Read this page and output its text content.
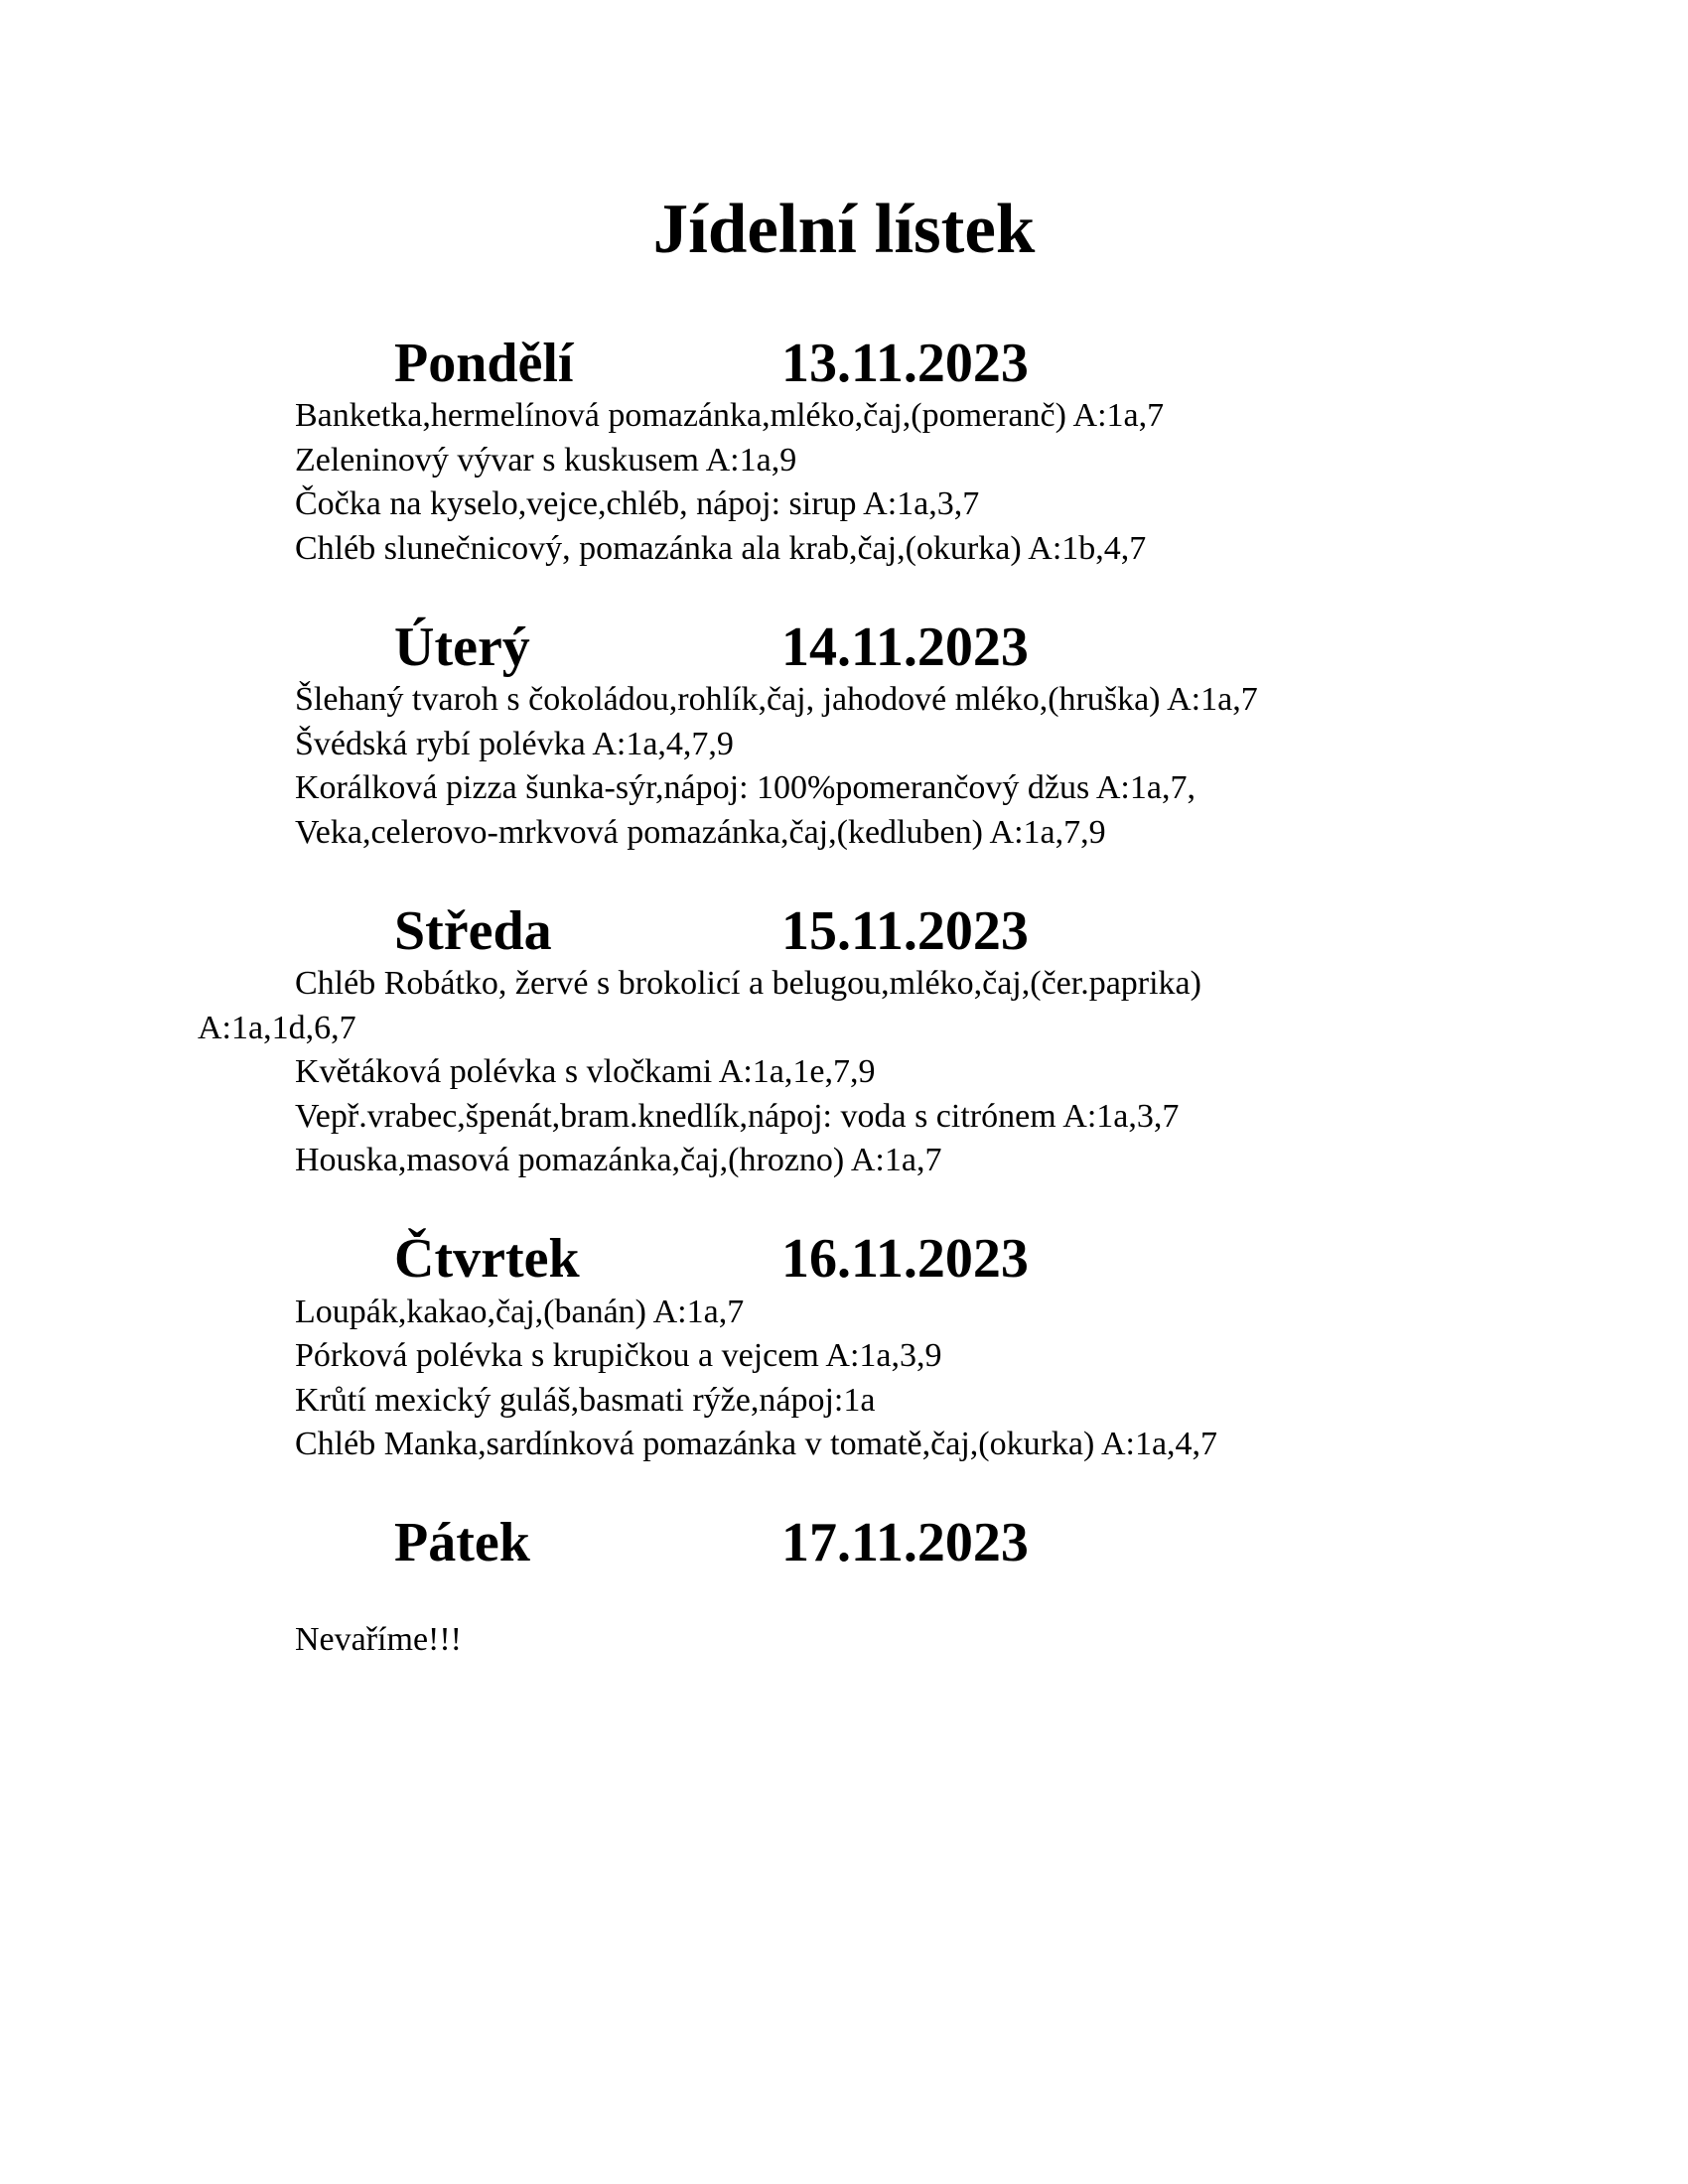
Jídelní lístek
Pondělí	13.11.2023
Banketka,hermelínová pomazánka,mléko,čaj,(pomeranč) A:1a,7
Zeleninový vývar s kuskusem A:1a,9
Čočka na kyselo,vejce,chléb, nápoj: sirup A:1a,3,7
Chléb slunečnicový, pomazánka ala krab,čaj,(okurka) A:1b,4,7
Úterý	14.11.2023
Šlehaný tvaroh s čokoládou,rohlík,čaj, jahodové mléko,(hruška) A:1a,7
Švédská rybí polévka A:1a,4,7,9
Korálková pizza šunka-sýr,nápoj: 100%pomerančový džus A:1a,7,
Veka,celerovo-mrkvová pomazánka,čaj,(kedluben) A:1a,7,9
Středa	15.11.2023
Chléb Robátko, žervé s brokolicí a belugou,mléko,čaj,(čer.paprika)
A:1a,1d,6,7
Květáková polévka s vločkami A:1a,1e,7,9
Vepř.vrabec,špenát,bram.knedlík,nápoj: voda s citrónem A:1a,3,7
Houska,masová pomazánka,čaj,(hrozno) A:1a,7
Čtvrtek	16.11.2023
Loupák,kakao,čaj,(banán) A:1a,7
Pórková polévka s krupičkou a vejcem A:1a,3,9
Krůtí mexický guláš,basmati rýže,nápoj:1a
Chléb Manka,sardínková pomazánka v tomatě,čaj,(okurka) A:1a,4,7
Pátek	17.11.2023
Nevaříme!!!
